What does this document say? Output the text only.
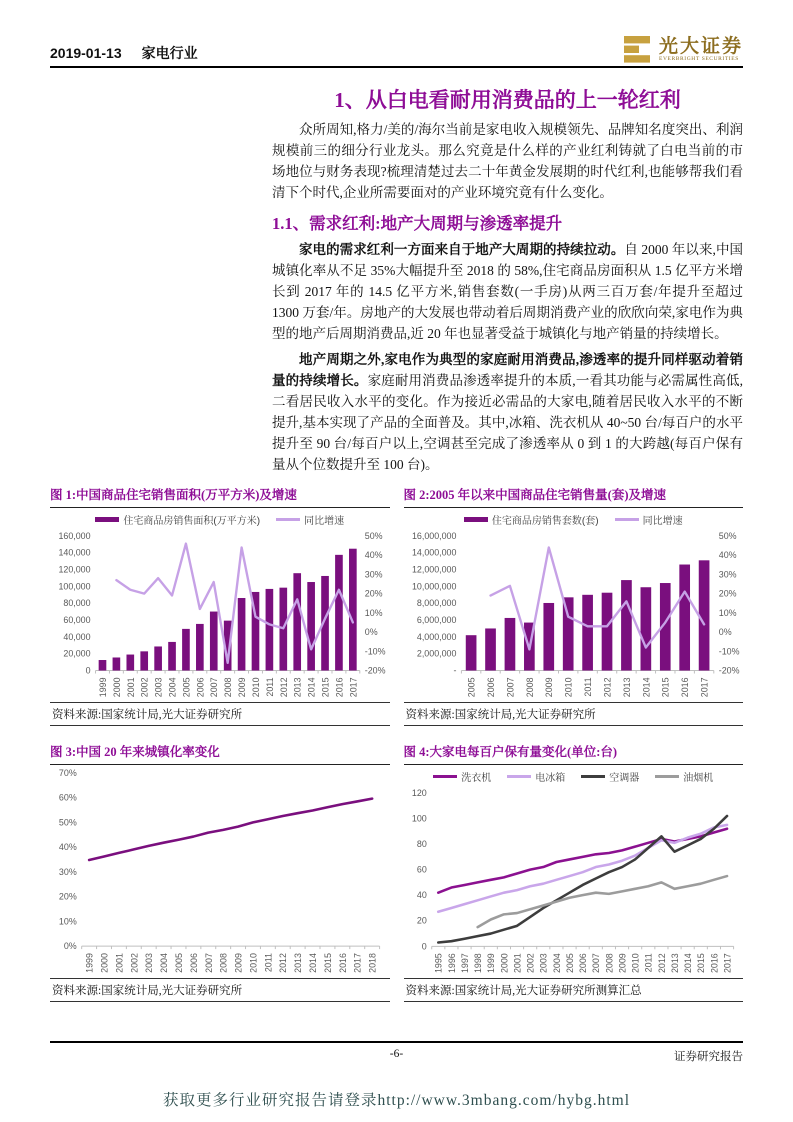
2019-01-13 家电行业	光大证券
EVERBRIGHT SECURITIES
1、从白电看耐用消费品的上一轮红利

众所周知,格力/美的/海尔当前是家电收入规模领先、品牌知名度突出、利润规模前三的细分行业龙头。那么究竟是什么样的产业红利铸就了白电当前的市场地位与财务表现?梳理清楚过去二十年黄金发展期的时代红利,也能够帮我们看清下个时代,企业所需要面对的产业环境究竟有什么变化。

1.1、需求红利:地产大周期与渗透率提升

家电的需求红利一方面来自于地产大周期的持续拉动。自 2000 年以来,中国城镇化率从不足 35%大幅提升至 2018 的 58%,住宅商品房面积从 1.5 亿平方米增长到 2017 年的 14.5 亿平方米,销售套数(一手房)从两三百万套/年提升至超过 1300 万套/年。房地产的大发展也带动着后周期消费产业的欣欣向荣,家电作为典型的地产后周期消费品,近 20 年也显著受益于城镇化与地产销量的持续增长。

地产周期之外,家电作为典型的家庭耐用消费品,渗透率的提升同样驱动着销量的持续增长。家庭耐用消费品渗透率提升的本质,一看其功能与必需属性高低,二看居民收入水平的变化。作为接近必需品的大家电,随着居民收入水平的不断提升,基本实现了产品的全面普及。其中,冰箱、洗衣机从 40~50 台/每百户的水平提升至 90 台/每百户以上,空调甚至完成了渗透率从 0 到 1 的大跨越(每百户保有量从个位数提升至 100 台)。

图 1:中国商品住宅销售面积(万平方米)及增速
住宅商品房销售面积(万平方米)	同比增速
0
20,000
40,000
60,000
80,000
100,000
120,000
140,000
160,000
-20%
-10%
0%
10%
20%
30%
40%
50%
1999 2000 2001 2002 2003 2004 2005 2006 2007 2008 2009 2010 2011 2012 2013 2014 2015 2016 2017
资料来源:国家统计局,光大证券研究所
图 2:2005 年以来中国商品住宅销售量(套)及增速
住宅商品房销售套数(套)	同比增速
-
2,000,000
4,000,000
6,000,000
8,000,000
10,000,000
12,000,000
14,000,000
16,000,000
-20%
-10%
0%
10%
20%
30%
40%
50%
2005 2006 2007 2008 2009 2010 2011 2012 2013 2014 2015 2016 2017
资料来源:国家统计局,光大证券研究所
图 3:中国 20 年来城镇化率变化
0%
10%
20%
30%
40%
50%
60%
70%
1999 2000 2001 2002 2003 2004 2005 2006 2007 2008 2009 2010 2011 2012 2013 2014 2015 2016 2017 2018
资料来源:国家统计局,光大证券研究所
图 4:大家电每百户保有量变化(单位:台)
洗衣机	电冰箱	空调器	油烟机
0
20
40
60
80
100
120
1995 1996 1997 1998 1999 2000 2001 2002 2003 2004 2005 2006 2007 2008 2009 2010 2011 2012 2013 2014 2015 2016 2017
资料来源:国家统计局,光大证券研究所测算汇总
-6-	证券研究报告
获取更多行业研究报告请登录http://www.3mbang.com/hybg.html
